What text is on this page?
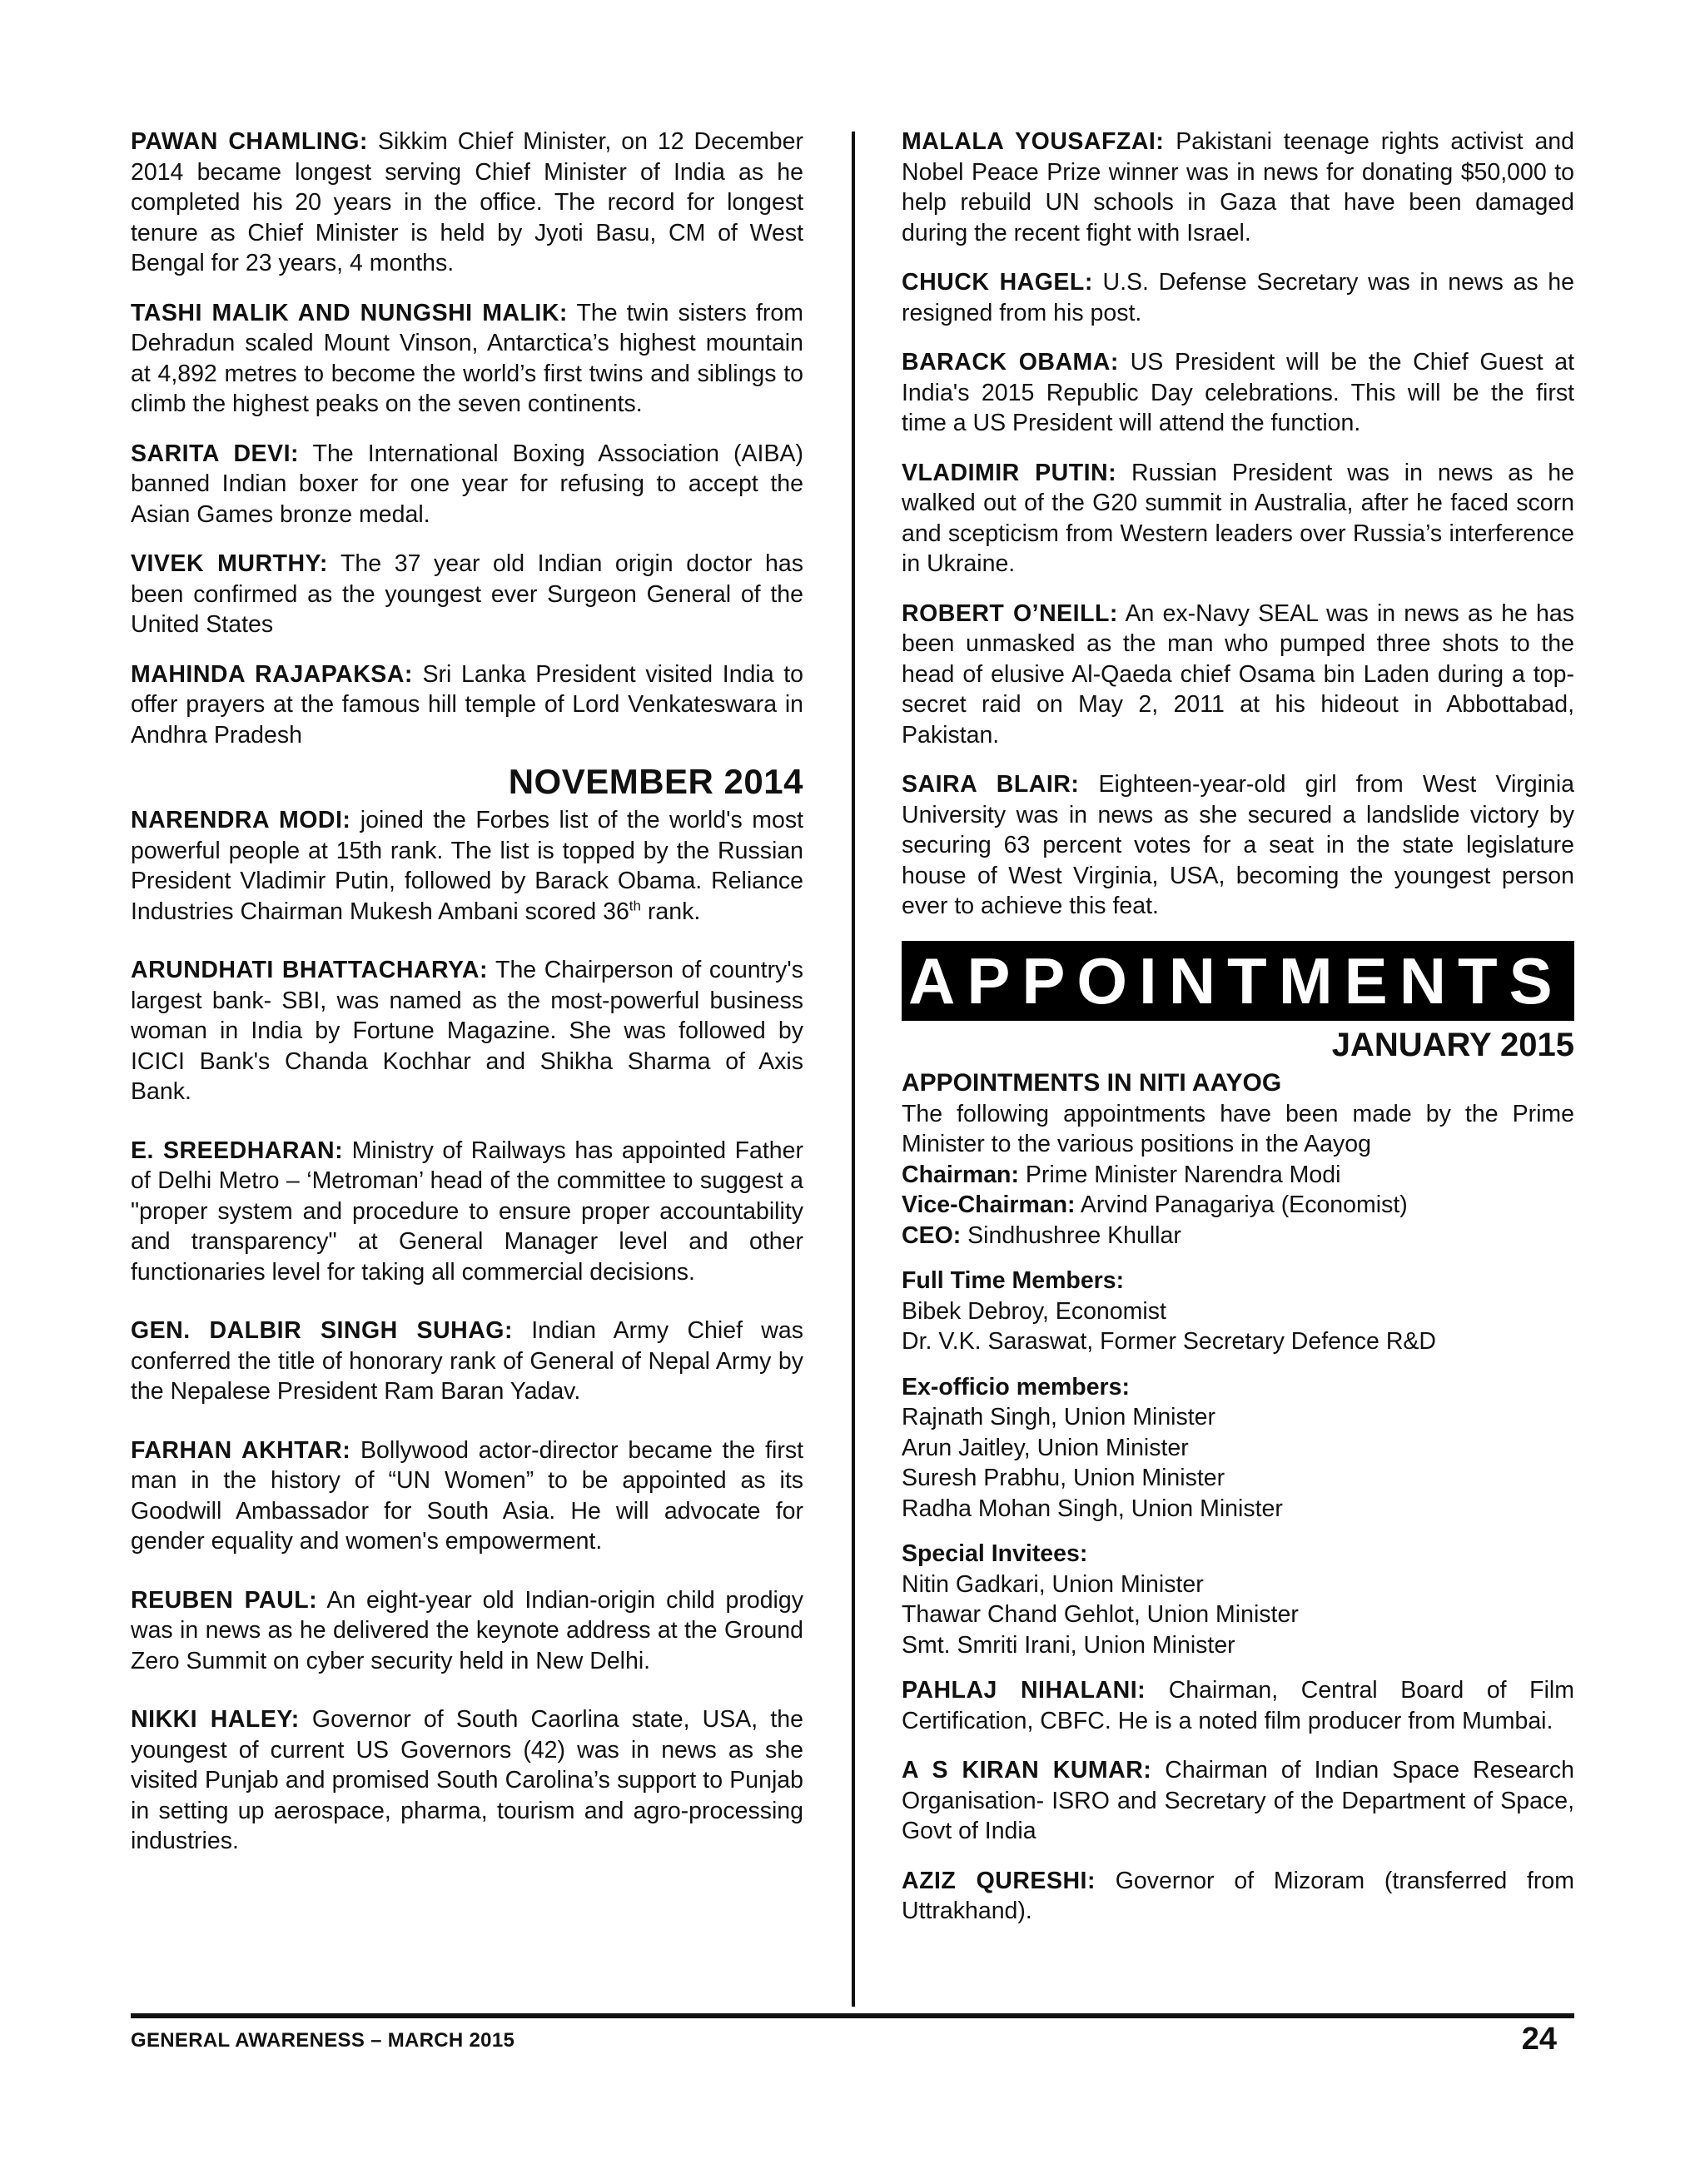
PAWAN CHAMLING: Sikkim Chief Minister, on 12 December 2014 became longest serving Chief Minister of India as he completed his 20 years in the office. The record for longest tenure as Chief Minister is held by Jyoti Basu, CM of West Bengal for 23 years, 4 months.

TASHI MALIK AND NUNGSHI MALIK: The twin sisters from Dehradun scaled Mount Vinson, Antarctica’s highest mountain at 4,892 metres to become the world’s first twins and siblings to climb the highest peaks on the seven continents.

SARITA DEVI: The International Boxing Association (AIBA) banned Indian boxer for one year for refusing to accept the Asian Games bronze medal.

VIVEK MURTHY: The 37 year old Indian origin doctor has been confirmed as the youngest ever Surgeon General of the United States

MAHINDA RAJAPAKSA: Sri Lanka President visited India to offer prayers at the famous hill temple of Lord Venkateswara in Andhra Pradesh

NOVEMBER 2014

NARENDRA MODI: joined the Forbes list of the world's most powerful people at 15th rank. The list is topped by the Russian President Vladimir Putin, followed by Barack Obama. Reliance Industries Chairman Mukesh Ambani scored 36th rank.

ARUNDHATI BHATTACHARYA: The Chairperson of country's largest bank- SBI, was named as the most-powerful business woman in India by Fortune Magazine. She was followed by ICICI Bank's Chanda Kochhar and Shikha Sharma of Axis Bank.

E. SREEDHARAN: Ministry of Railways has appointed Father of Delhi Metro – ‘Metroman’ head of the committee to suggest a "proper system and procedure to ensure proper accountability and transparency" at General Manager level and other functionaries level for taking all commercial decisions.

GEN. DALBIR SINGH SUHAG: Indian Army Chief was conferred the title of honorary rank of General of Nepal Army by the Nepalese President Ram Baran Yadav.

FARHAN AKHTAR: Bollywood actor-director became the first man in the history of “UN Women” to be appointed as its Goodwill Ambassador for South Asia. He will advocate for gender equality and women's empowerment.

REUBEN PAUL: An eight-year old Indian-origin child prodigy was in news as he delivered the keynote address at the Ground Zero Summit on cyber security held in New Delhi.

NIKKI HALEY: Governor of South Caorlina state, USA, the youngest of current US Governors (42) was in news as she visited Punjab and promised South Carolina’s support to Punjab in setting up aerospace, pharma, tourism and agro-processing industries.

MALALA YOUSAFZAI: Pakistani teenage rights activist and Nobel Peace Prize winner was in news for donating $50,000 to help rebuild UN schools in Gaza that have been damaged during the recent fight with Israel.

CHUCK HAGEL: U.S. Defense Secretary was in news as he resigned from his post.

BARACK OBAMA: US President will be the Chief Guest at India's 2015 Republic Day celebrations. This will be the first time a US President will attend the function.

VLADIMIR PUTIN: Russian President was in news as he walked out of the G20 summit in Australia, after he faced scorn and scepticism from Western leaders over Russia’s interference in Ukraine.

ROBERT O’NEILL: An ex-Navy SEAL was in news as he has been unmasked as the man who pumped three shots to the head of elusive Al-Qaeda chief Osama bin Laden during a top-secret raid on May 2, 2011 at his hideout in Abbottabad, Pakistan.

SAIRA BLAIR: Eighteen-year-old girl from West Virginia University was in news as she secured a landslide victory by securing 63 percent votes for a seat in the state legislature house of West Virginia, USA, becoming the youngest person ever to achieve this feat.

APPOINTMENTS
JANUARY 2015
APPOINTMENTS IN NITI AAYOG
The following appointments have been made by the Prime Minister to the various positions in the Aayog
Chairman: Prime Minister Narendra Modi
Vice-Chairman: Arvind Panagariya (Economist)
CEO: Sindhushree Khullar
Full Time Members:
Bibek Debroy, Economist
Dr. V.K. Saraswat, Former Secretary Defence R&D
Ex-officio members:
Rajnath Singh, Union Minister
Arun Jaitley, Union Minister
Suresh Prabhu, Union Minister
Radha Mohan Singh, Union Minister
Special Invitees:
Nitin Gadkari, Union Minister
Thawar Chand Gehlot, Union Minister
Smt. Smriti Irani, Union Minister

PAHLAJ NIHALANI: Chairman, Central Board of Film Certification, CBFC. He is a noted film producer from Mumbai.

A S KIRAN KUMAR: Chairman of Indian Space Research Organisation- ISRO and Secretary of the Department of Space, Govt of India

AZIZ QURESHI: Governor of Mizoram (transferred from Uttrakhand).

GENERAL AWARENESS – MARCH 2015	24
